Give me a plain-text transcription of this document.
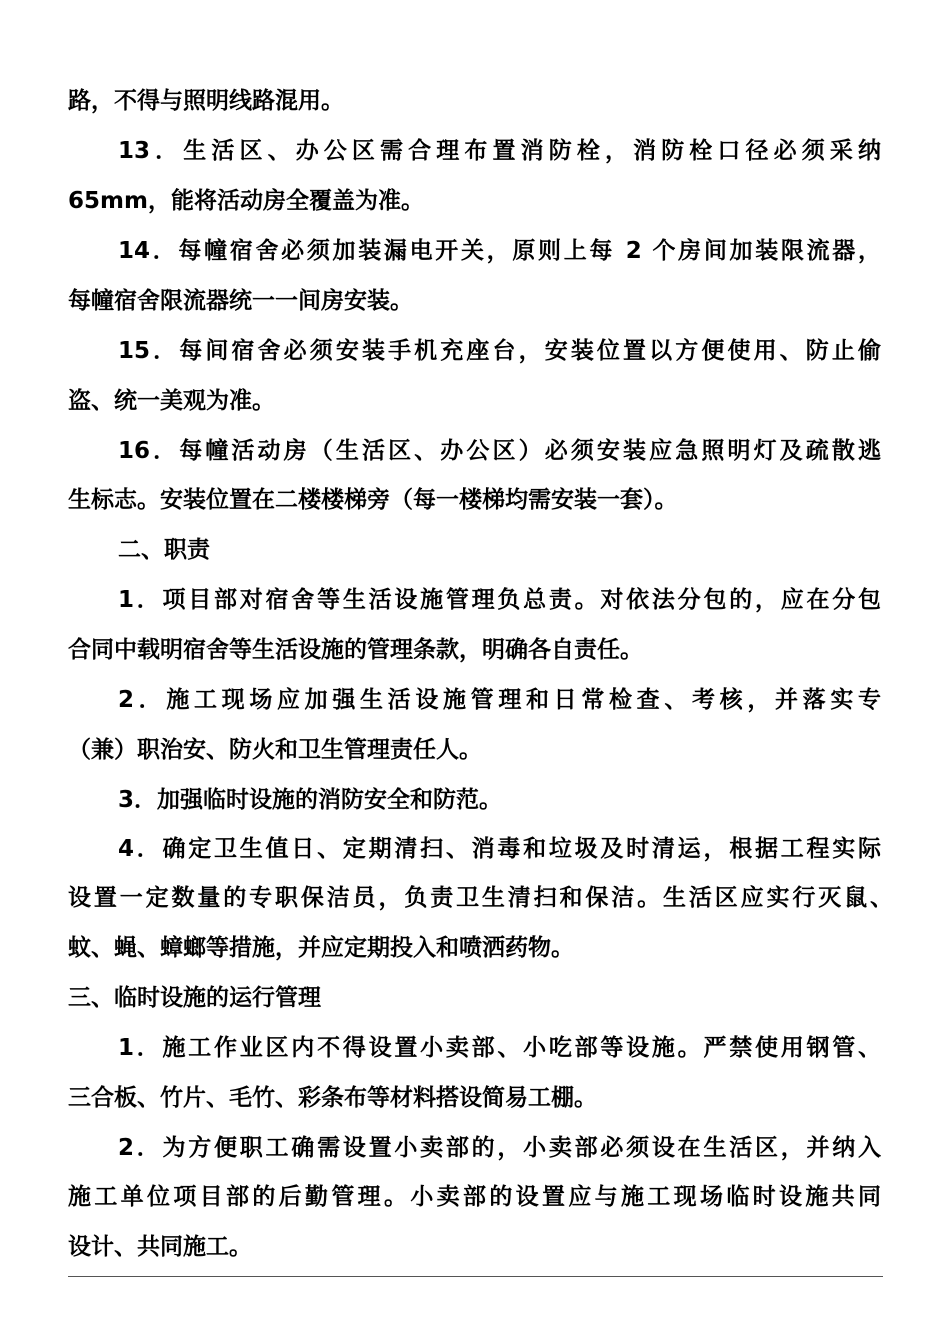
路，不得与照明线路混用。

13．生活区、办公区需合理布置消防栓，消防栓口径必须采纳

65mm，能将活动房全覆盖为准。

14．每幢宿舍必须加装漏电开关，原则上每 2 个房间加装限流器，

每幢宿舍限流器统一一间房安装。

15．每间宿舍必须安装手机充座台，安装位置以方便使用、防止偷

盗、统一美观为准。

16．每幢活动房（生活区、办公区）必须安装应急照明灯及疏散逃

生标志。安装位置在二楼楼梯旁（每一楼梯均需安装一套）。

二、职责

1．项目部对宿舍等生活设施管理负总责。对依法分包的，应在分包

合同中载明宿舍等生活设施的管理条款，明确各自责任。

2．施工现场应加强生活设施管理和日常检查、考核，并落实专

（兼）职治安、防火和卫生管理责任人。

3．加强临时设施的消防安全和防范。

4．确定卫生值日、定期清扫、消毒和垃圾及时清运，根据工程实际

设置一定数量的专职保洁员，负责卫生清扫和保洁。生活区应实行灭鼠、

蚊、蝇、蟑螂等措施，并应定期投入和喷洒药物。

三、临时设施的运行管理

1．施工作业区内不得设置小卖部、小吃部等设施。严禁使用钢管、

三合板、竹片、毛竹、彩条布等材料搭设简易工棚。

2．为方便职工确需设置小卖部的，小卖部必须设在生活区，并纳入

施工单位项目部的后勤管理。小卖部的设置应与施工现场临时设施共同

设计、共同施工。
